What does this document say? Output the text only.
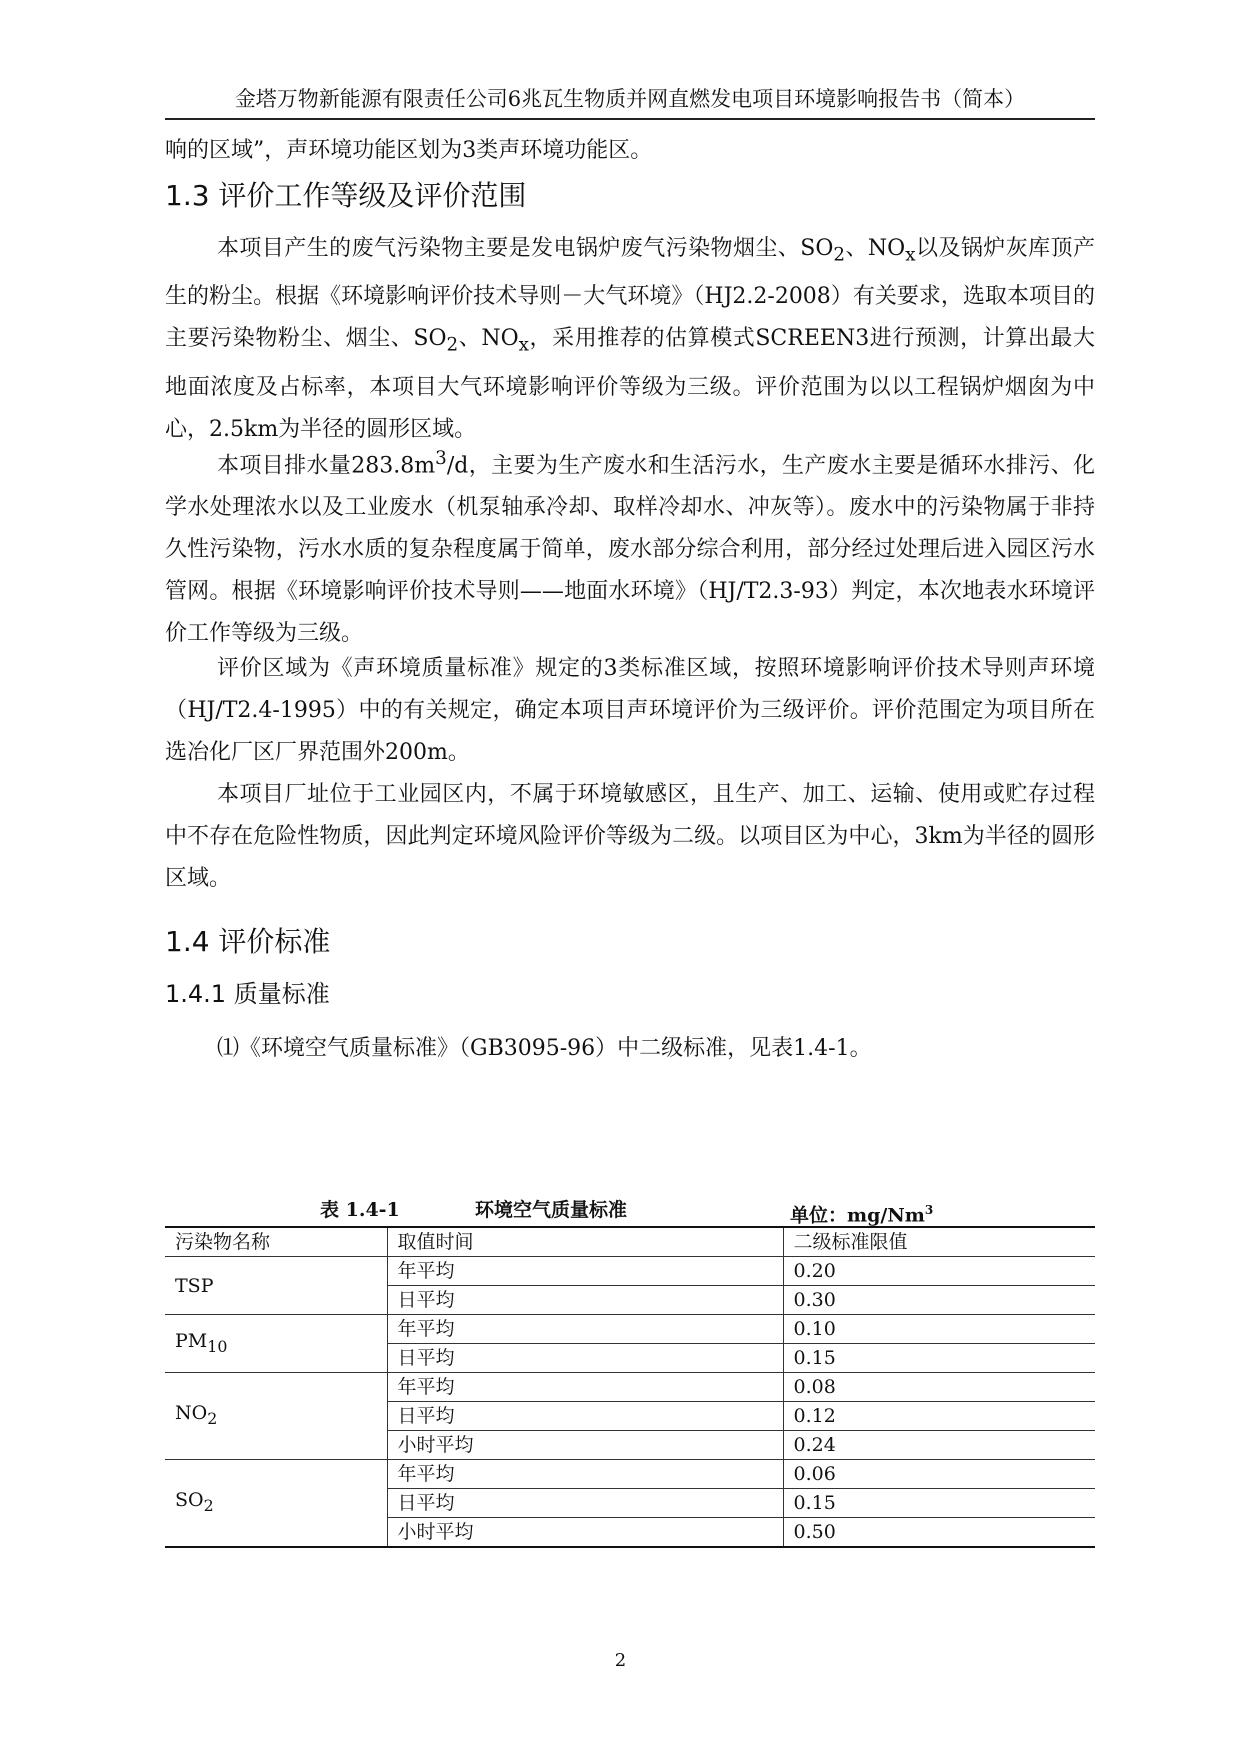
金塔万物新能源有限责任公司6兆瓦生物质并网直燃发电项目环境影响报告书（简本）

响的区域”，声环境功能区划为3类声环境功能区。

1.3 评价工作等级及评价范围

本项目产生的废气污染物主要是发电锅炉废气污染物烟尘、$SO_2$、$NO_x$以及锅炉灰库顶产生的粉尘。根据《环境影响评价技术导则－大气环境》（HJ2.2-2008）有关要求，选取本项目的主要污染物粉尘、烟尘、$SO_2$、$NO_x$，采用推荐的估算模式SCREEN3进行预测，计算出最大地面浓度及占标率，本项目大气环境影响评价等级为三级。评价范围为以以工程锅炉烟囱为中心，2.5km为半径的圆形区域。

本项目排水量$283.8m^3/d$，主要为生产废水和生活污水，生产废水主要是循环水排污、化学水处理浓水以及工业废水（机泵轴承冷却、取样冷却水、冲灰等）。废水中的污染物属于非持久性污染物，污水水质的复杂程度属于简单，废水部分综合利用，部分经过处理后进入园区污水管网。根据《环境影响评价技术导则——地面水环境》（HJ/T2.3-93）判定，本次地表水环境评价工作等级为三级。

评价区域为《声环境质量标准》规定的3类标准区域，按照环境影响评价技术导则声环境（HJ/T2.4-1995）中的有关规定，确定本项目声环境评价为三级评价。评价范围定为项目所在选冶化厂区厂界范围外200m。

本项目厂址位于工业园区内，不属于环境敏感区，且生产、加工、运输、使用或贮存过程中不存在危险性物质，因此判定环境风险评价等级为二级。以项目区为中心，3km为半径的圆形区域。

1.4 评价标准
1.4.1 质量标准

⑴《环境空气质量标准》（GB3095-96）中二级标准，见表1.4-1。

表 1.4-1	环境空气质量标准	单位：mg/Nm$^3$
污染物名称	取值时间	二级标准限值
TSP	年平均	0.20
	日平均	0.30
$PM_{10}$	年平均	0.10
	日平均	0.15
$NO_2$	年平均	0.08
	日平均	0.12
	小时平均	0.24
$SO_2$	年平均	0.06
	日平均	0.15
	小时平均	0.50
2
